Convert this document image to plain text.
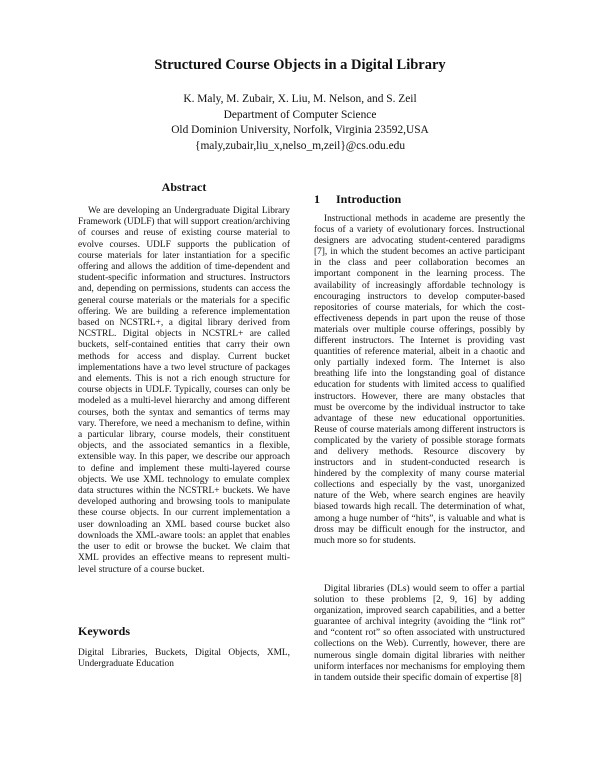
Structured Course Objects in a Digital Library
K. Maly, M. Zubair, X. Liu, M. Nelson, and S. Zeil
Department of Computer Science
Old Dominion University, Norfolk, Virginia 23592,USA
{maly,zubair,liu_x,nelso_m,zeil}@cs.odu.edu
Abstract

We are developing an Undergraduate Digital Library Framework (UDLF) that will support creation/archiving of courses and reuse of existing course material to evolve courses. UDLF supports the publication of course materials for later instantiation for a specific offering and allows the addition of time-dependent and student-specific information and structures. Instructors and, depending on permissions, students can access the general course materials or the materials for a specific offering. We are building a reference implementation based on NCSTRL+, a digital library derived from NCSTRL. Digital objects in NCSTRL+ are called buckets, self-contained entities that carry their own methods for access and display. Current bucket implementations have a two level structure of packages and elements. This is not a rich enough structure for course objects in UDLF. Typically, courses can only be modeled as a multi-level hierarchy and among different courses, both the syntax and semantics of terms may vary. Therefore, we need a mechanism to define, within a particular library, course models, their constituent objects, and the associated semantics in a flexible, extensible way. In this paper, we describe our approach to define and implement these multi-layered course objects. We use XML technology to emulate complex data structures within the NCSTRL+ buckets. We have developed authoring and browsing tools to manipulate these course objects. In our current implementation a user downloading an XML based course bucket also downloads the XML-aware tools: an applet that enables the user to edit or browse the bucket. We claim that XML provides an effective means to represent multi-level structure of a course bucket.

Keywords

Digital Libraries, Buckets, Digital Objects, XML, Undergraduate Education

1	Introduction

Instructional methods in academe are presently the focus of a variety of evolutionary forces. Instructional designers are advocating student-centered paradigms [7], in which the student becomes an active participant in the class and peer collaboration becomes an important component in the learning process. The availability of increasingly affordable technology is encouraging instructors to develop computer-based repositories of course materials, for which the cost-effectiveness depends in part upon the reuse of those materials over multiple course offerings, possibly by different instructors. The Internet is providing vast quantities of reference material, albeit in a chaotic and only partially indexed form. The Internet is also breathing life into the longstanding goal of distance education for students with limited access to qualified instructors. However, there are many obstacles that must be overcome by the individual instructor to take advantage of these new educational opportunities. Reuse of course materials among different instructors is complicated by the variety of possible storage formats and delivery methods. Resource discovery by instructors and in student-conducted research is hindered by the complexity of many course material collections and especially by the vast, unorganized nature of the Web, where search engines are heavily biased towards high recall. The determination of what, among a huge number of “hits”, is valuable and what is dross may be difficult enough for the instructor, and much more so for students.

Digital libraries (DLs) would seem to offer a partial solution to these problems [2, 9, 16] by adding organization, improved search capabilities, and a better guarantee of archival integrity (avoiding the “link rot” and “content rot” so often associated with unstructured collections on the Web). Currently, however, there are numerous single domain digital libraries with neither uniform interfaces nor mechanisms for employing them in tandem outside their specific domain of expertise [8]
